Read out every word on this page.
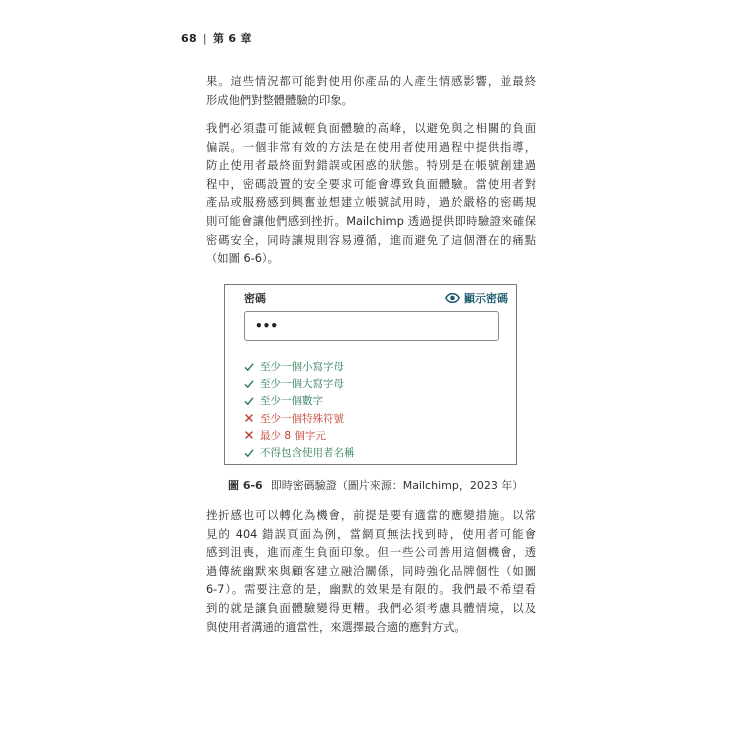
68 | 第 6 章
果。這些情況都可能對使用你產品的人產生情感影響，並最終
形成他們對整體體驗的印象。
我們必須盡可能減輕負面體驗的高峰，以避免與之相關的負面
偏誤。一個非常有效的方法是在使用者使用過程中提供指導，
防止使用者最終面對錯誤或困惑的狀態。特別是在帳號創建過
程中，密碼設置的安全要求可能會導致負面體驗。當使用者對
產品或服務感到興奮並想建立帳號試用時，過於嚴格的密碼規
則可能會讓他們感到挫折。Mailchimp 透過提供即時驗證來確保
密碼安全，同時讓規則容易遵循，進而避免了這個潛在的痛點
（如圖 6-6）。
密碼	顯示密碼
•••
至少一個小寫字母
至少一個大寫字母
至少一個數字
至少一個特殊符號
最少 8 個字元
不得包含使用者名稱
圖 6-6 即時密碼驗證（圖片來源：Mailchimp，2023 年）
挫折感也可以轉化為機會，前提是要有適當的應變措施。以常
見的 404 錯誤頁面為例，當網頁無法找到時，使用者可能會
感到沮喪，進而產生負面印象。但一些公司善用這個機會，透
過傳統幽默來與顧客建立融洽關係，同時強化品牌個性（如圖
6-7）。需要注意的是，幽默的效果是有限的。我們最不希望看
到的就是讓負面體驗變得更糟。我們必須考慮具體情境，以及
與使用者溝通的適當性，來選擇最合適的應對方式。
